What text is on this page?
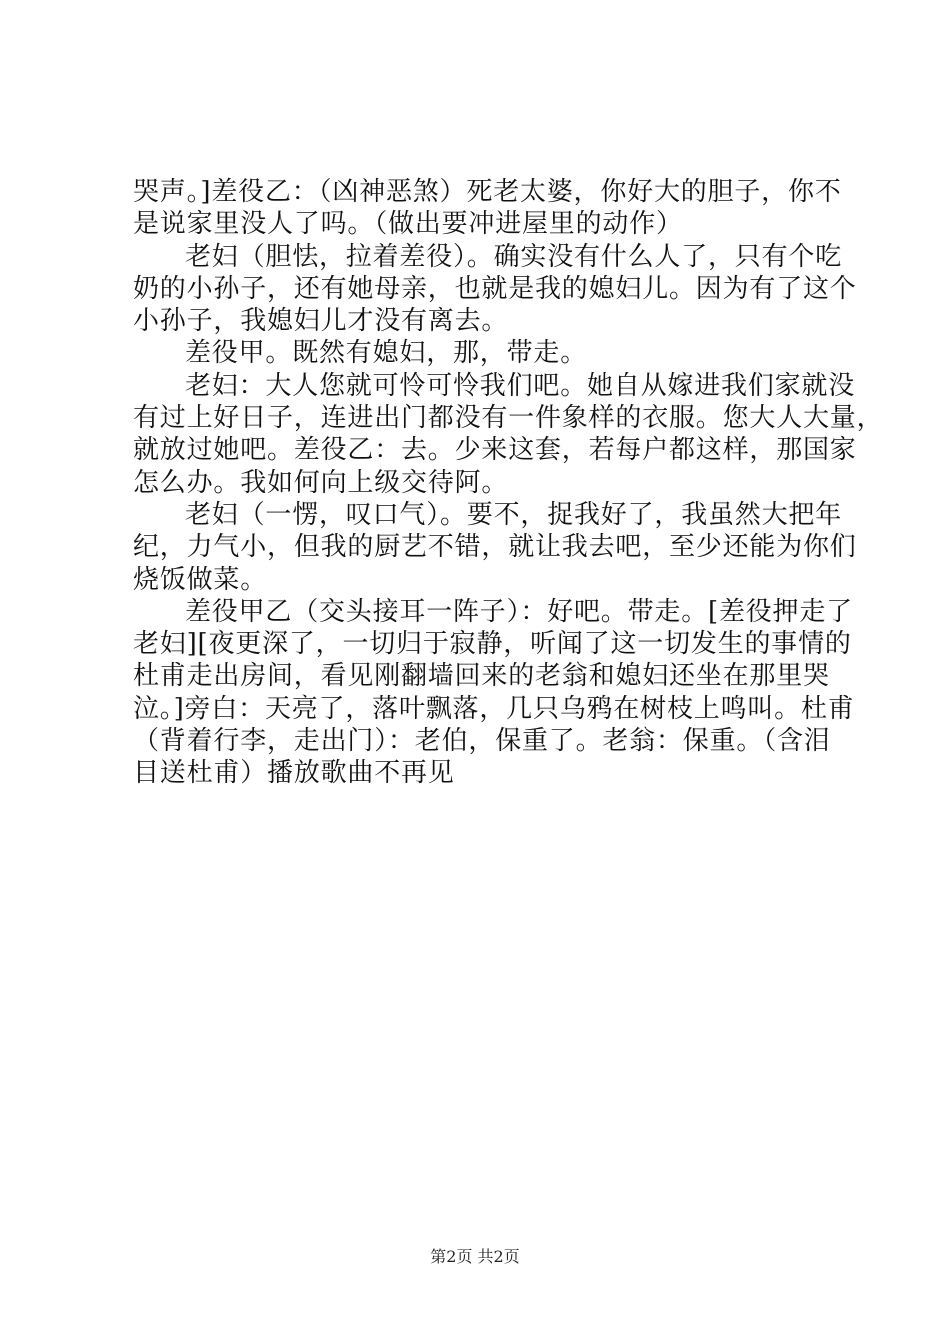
哭声。]差役乙：（凶神恶煞）死老太婆，你好大的胆子，你不
是说家里没人了吗。（做出要冲进屋里的动作）
老妇（胆怯，拉着差役）。确实没有什么人了，只有个吃
奶的小孙子，还有她母亲，也就是我的媳妇儿。因为有了这个
小孙子，我媳妇儿才没有离去。
差役甲。既然有媳妇，那，带走。
老妇：大人您就可怜可怜我们吧。她自从嫁进我们家就没
有过上好日子，连进出门都没有一件象样的衣服。您大人大量，
就放过她吧。差役乙：去。少来这套，若每户都这样，那国家
怎么办。我如何向上级交待阿。
老妇（一愣，叹口气）。要不，捉我好了，我虽然大把年
纪，力气小，但我的厨艺不错，就让我去吧，至少还能为你们
烧饭做菜。
差役甲乙（交头接耳一阵子）：好吧。带走。[差役押走了
老妇][夜更深了，一切归于寂静，听闻了这一切发生的事情的
杜甫走出房间，看见刚翻墙回来的老翁和媳妇还坐在那里哭
泣。]旁白：天亮了，落叶飘落，几只乌鸦在树枝上鸣叫。杜甫
（背着行李，走出门）：老伯，保重了。老翁：保重。（含泪
目送杜甫）播放歌曲不再见
第2页 共2页
